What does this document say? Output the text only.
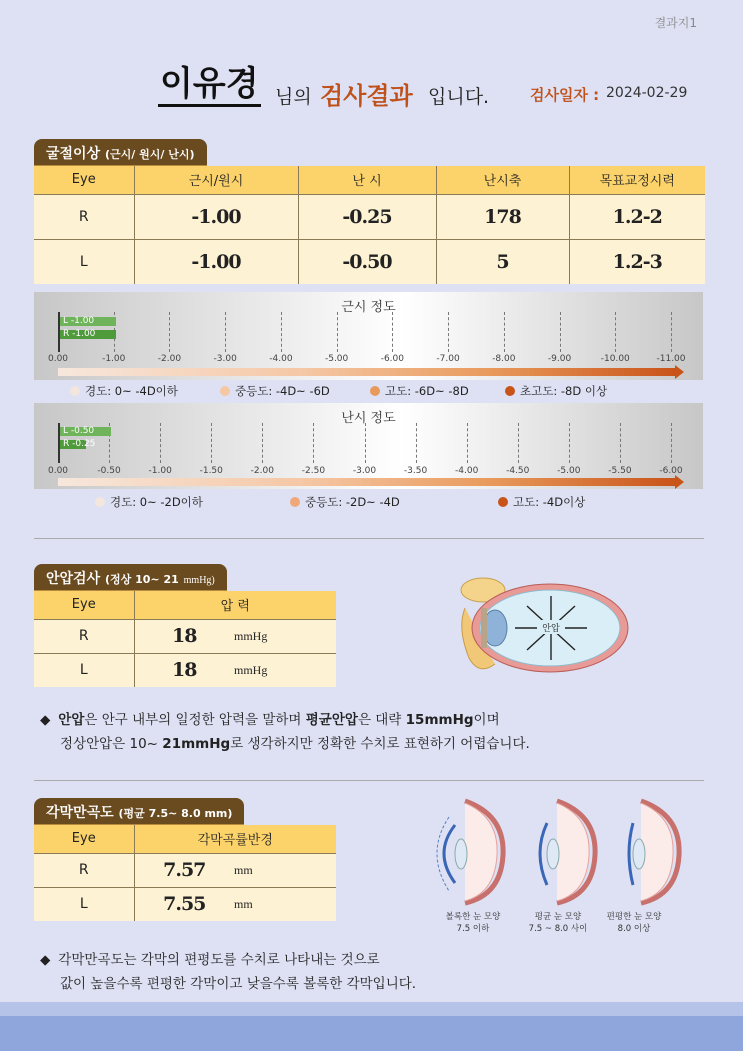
결과지1
이유경 님의 검사결과 입니다.	검사일자 : 2024-02-29
굴절이상 (근시/ 원시/ 난시)
Eye	근시/원시	난 시	난시축	목표교정시력
R	-1.00	-0.25	178	1.2-2
L	-1.00	-0.50	5	1.2-3
근시 정도
0.00	-1.00	-2.00	-3.00	-4.00	-5.00	-6.00	-7.00	-8.00	-9.00	-10.00	-11.00
L -1.00
R -1.00
경도: 0~ -4D이하	중등도: -4D~ -6D	고도: -6D~ -8D	초고도: -8D 이상
난시 정도
0.00	-0.50	-1.00	-1.50	-2.00	-2.50	-3.00	-3.50	-4.00	-4.50	-5.00	-5.50	-6.00
L -0.50
R -0.25
경도: 0~ -2D이하	중등도: -2D~ -4D	고도: -4D이상
안압검사 (정상 10~ 21 mmHg)
Eye	압 력	
R	18	mmHg
L	18	mmHg
안압
◆ 안압은 안구 내부의 일정한 압력을 말하며 평균안압은 대략 15mmHg이며
정상안압은 10~ 21mmHg로 생각하지만 정확한 수치로 표현하기 어렵습니다.
각막만곡도 (평균 7.5~ 8.0 mm)
Eye	각막곡률반경	
R	7.57	mm
L	7.55	mm
볼록한 눈 모양
7.5 이하
평균 눈 모양
7.5 ~ 8.0 사이
편평한 눈 모양
8.0 이상
◆ 각막만곡도는 각막의 편평도를 수치로 나타내는 것으로
값이 높을수록 편평한 각막이고 낮을수록 볼록한 각막입니다.
